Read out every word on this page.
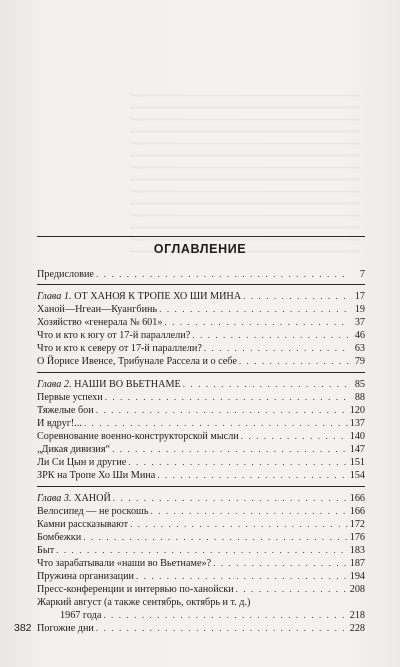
ОГЛАВЛЕНИЕ
Предисловие . . .	7
Глава 1. ОТ ХАНОЯ К ТРОПЕ ХО ШИ МИНА . . .	17
Ханой—Нгеан—Куангбинь . . .	19
Хозяйство «генерала № 601» . . .	37
Что и кто к югу от 17-й параллели? . . .	46
Что и кто к северу от 17-й параллели? . . .	63
О Йорисе Ивенсе, Трибунале Рассела и о себе . . .	79
Глава 2. НАШИ ВО ВЬЕТНАМЕ . . .	85
Первые успехи . . .	88
Тяжелые бои . . .	120
И вдруг!... . . .	137
Соревнование военно-конструкторской мысли . . .	140
„Дикая дивизия“ . . .	147
Ли Си Цын и другие . . .	151
ЗРК на Тропе Хо Ши Мина . . .	154
Глава 3. ХАНОЙ . . .	166
Велосипед — не роскошь . . .	166
Камни рассказывают . . .	172
Бомбежки . . .	176
Быт . . .	183
Что зарабатывали «наши во Вьетнаме»? . . .	187
Пружина организации . . .	194
Пресс-конференции и интервью по-ханойски . . .	208
Жаркий август (а также сентябрь, октябрь и т. д.)
1967 года . . .	218
Погожие дни . . .	228
382
